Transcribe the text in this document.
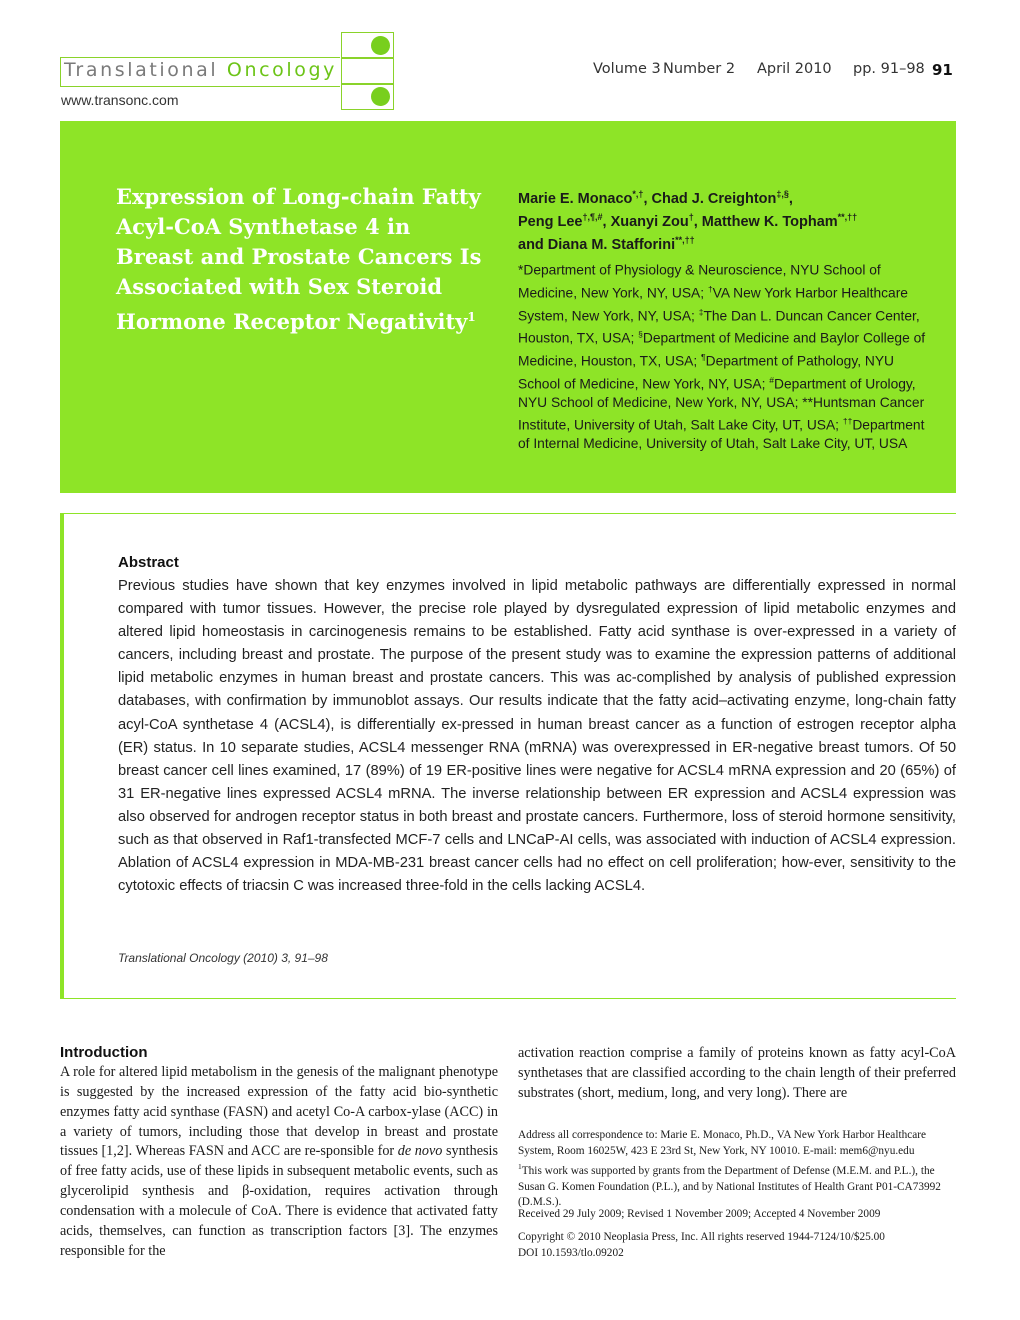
Translational Oncology
www.transonc.com
Volume 3 Number 2 April 2010 pp. 91–98 91
Expression of Long-chain Fatty Acyl-CoA Synthetase 4 in Breast and Prostate Cancers Is Associated with Sex Steroid Hormone Receptor Negativity$^1$
Marie E. Monaco*,†, Chad J. Creighton‡,§,
Peng Lee†,¶,#, Xuanyi Zou†, Matthew K. Topham**,††
and Diana M. Stafforini**,††
*Department of Physiology & Neuroscience, NYU School of Medicine, New York, NY, USA; †VA New York Harbor Healthcare System, New York, NY, USA; ‡The Dan L. Duncan Cancer Center, Houston, TX, USA; §Department of Medicine and Baylor College of Medicine, Houston, TX, USA; ¶Department of Pathology, NYU School of Medicine, New York, NY, USA; #Department of Urology, NYU School of Medicine, New York, NY, USA; **Huntsman Cancer Institute, University of Utah, Salt Lake City, UT, USA; ††Department of Internal Medicine, University of Utah, Salt Lake City, UT, USA
Abstract
Previous studies have shown that key enzymes involved in lipid metabolic pathways are differentially expressed in normal compared with tumor tissues. However, the precise role played by dysregulated expression of lipid metabolic enzymes and altered lipid homeostasis in carcinogenesis remains to be established. Fatty acid synthase is over-expressed in a variety of cancers, including breast and prostate. The purpose of the present study was to examine the expression patterns of additional lipid metabolic enzymes in human breast and prostate cancers. This was ac-complished by analysis of published expression databases, with confirmation by immunoblot assays. Our results indicate that the fatty acid–activating enzyme, long-chain fatty acyl-CoA synthetase 4 (ACSL4), is differentially ex-pressed in human breast cancer as a function of estrogen receptor alpha (ER) status. In 10 separate studies, ACSL4 messenger RNA (mRNA) was overexpressed in ER-negative breast tumors. Of 50 breast cancer cell lines examined, 17 (89%) of 19 ER-positive lines were negative for ACSL4 mRNA expression and 20 (65%) of 31 ER-negative lines expressed ACSL4 mRNA. The inverse relationship between ER expression and ACSL4 expression was also observed for androgen receptor status in both breast and prostate cancers. Furthermore, loss of steroid hormone sensitivity, such as that observed in Raf1-transfected MCF-7 cells and LNCaP-AI cells, was associated with induction of ACSL4 expression. Ablation of ACSL4 expression in MDA-MB-231 breast cancer cells had no effect on cell proliferation; how-ever, sensitivity to the cytotoxic effects of triacsin C was increased three-fold in the cells lacking ACSL4.
Translational Oncology (2010) 3, 91–98
Introduction
A role for altered lipid metabolism in the genesis of the malignant phenotype is suggested by the increased expression of the fatty acid bio-synthetic enzymes fatty acid synthase (FASN) and acetyl Co-A carbox-ylase (ACC) in a variety of tumors, including those that develop in breast and prostate tissues [1,2]. Whereas FASN and ACC are re-sponsible for de novo synthesis of free fatty acids, use of these lipids in subsequent metabolic events, such as glycerolipid synthesis and β-oxidation, requires activation through condensation with a molecule of CoA. There is evidence that activated fatty acids, themselves, can function as transcription factors [3]. The enzymes responsible for the
activation reaction comprise a family of proteins known as fatty acyl-CoA synthetases that are classified according to the chain length of their preferred substrates (short, medium, long, and very long). There are
Address all correspondence to: Marie E. Monaco, Ph.D., VA New York Harbor Healthcare System, Room 16025W, 423 E 23rd St, New York, NY 10010. E-mail: mem6@nyu.edu
$^1$This work was supported by grants from the Department of Defense (M.E.M. and P.L.), the Susan G. Komen Foundation (P.L.), and by National Institutes of Health Grant P01-CA73992 (D.M.S.).
Received 29 July 2009; Revised 1 November 2009; Accepted 4 November 2009
Copyright © 2010 Neoplasia Press, Inc. All rights reserved 1944-7124/10/$25.00
DOI 10.1593/tlo.09202
